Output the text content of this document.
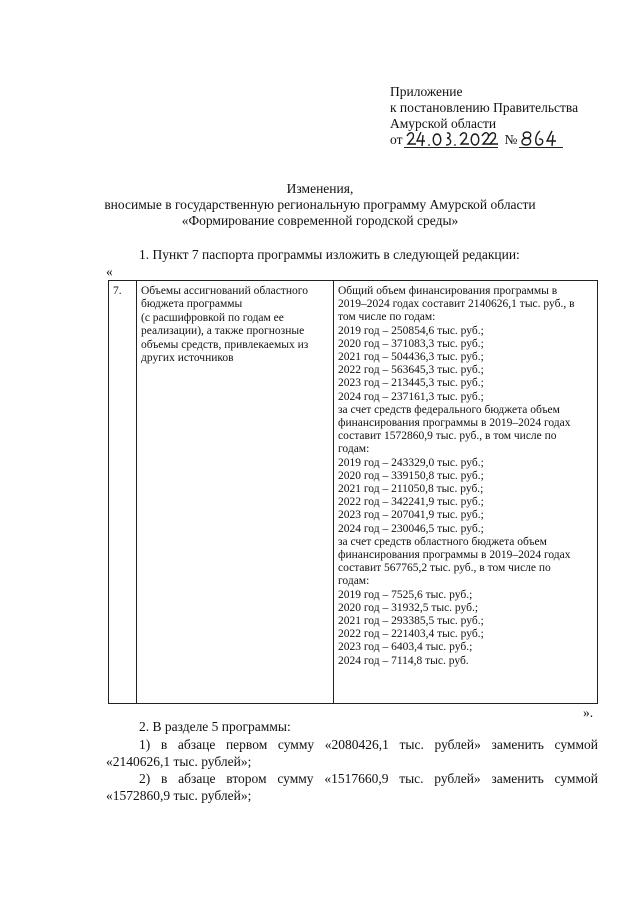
Приложение
к постановлению Правительства
Амурской области
от	№
Изменения,
вносимые в государственную региональную программу Амурской области
«Формирование современной городской среды»
1. Пункт 7 паспорта программы изложить в следующей редакции:
«
7. Объемы ассигнований областного
бюджета программы
(с расшифровкой по годам ее
реализации), а также прогнозные
объемы средств, привлекаемых из
других источников
Общий объем финансирования программы в
2019–2024 годах составит 2140626,1 тыс. руб., в
том числе по годам:
2019 год – 250854,6 тыс. руб.;
2020 год – 371083,3 тыс. руб.;
2021 год – 504436,3 тыс. руб.;
2022 год – 563645,3 тыс. руб.;
2023 год – 213445,3 тыс. руб.;
2024 год – 237161,3 тыс. руб.;
за счет средств федерального бюджета объем
финансирования программы в 2019–2024 годах
составит 1572860,9 тыс. руб., в том числе по
годам:
2019 год – 243329,0 тыс. руб.;
2020 год – 339150,8 тыс. руб.;
2021 год – 211050,8 тыс. руб.;
2022 год – 342241,9 тыс. руб.;
2023 год – 207041,9 тыс. руб.;
2024 год – 230046,5 тыс. руб.;
за счет средств областного бюджета объем
финансирования программы в 2019–2024 годах
составит 567765,2 тыс. руб., в том числе по
годам:
2019 год – 7525,6 тыс. руб.;
2020 год – 31932,5 тыс. руб.;
2021 год – 293385,5 тыс. руб.;
2022 год – 221403,4 тыс. руб.;
2023 год – 6403,4 тыс. руб.;
2024 год – 7114,8 тыс. руб.
».
2. В разделе 5 программы:
1) в абзаце первом сумму «2080426,1 тыс. рублей» заменить суммой
«2140626,1 тыс. рублей»;
2) в абзаце втором сумму «1517660,9 тыс. рублей» заменить суммой
«1572860,9 тыс. рублей»;
